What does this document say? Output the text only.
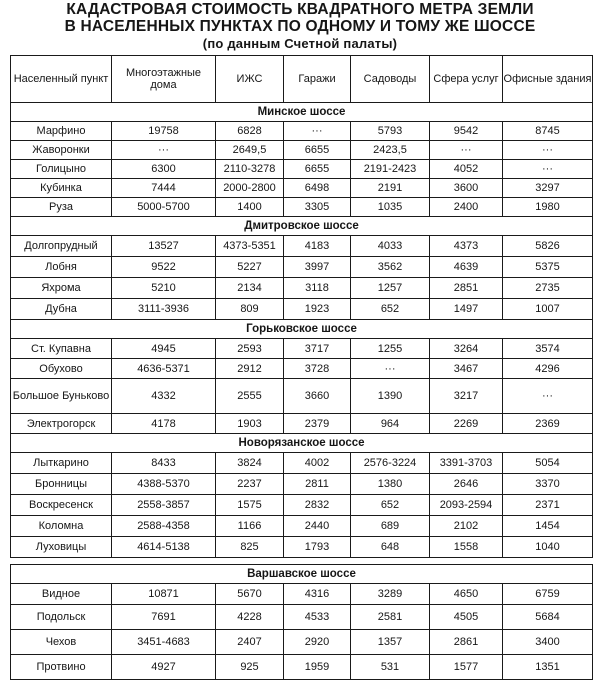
КАДАСТРОВАЯ СТОИМОСТЬ КВАДРАТНОГО МЕТРА ЗЕМЛИ
В НАСЕЛЕННЫХ ПУНКТАХ ПО ОДНОМУ И ТОМУ ЖЕ ШОССЕ
(по данным Счетной палаты)
Населенный пункт	Многоэтажные дома	ИЖС	Гаражи	Садоводы	Сфера услуг	Офисные здания
Минское шоссе						
Марфино	19758	6828	···	5793	9542	8745
Жаворонки	···	2649,5	6655	2423,5	···	···
Голицыно	6300	2110-3278	6655	2191-2423	4052	···
Кубинка	7444	2000-2800	6498	2191	3600	3297
Руза	5000-5700	1400	3305	1035	2400	1980
Дмитровское шоссе						
Долгопрудный	13527	4373-5351	4183	4033	4373	5826
Лобня	9522	5227	3997	3562	4639	5375
Яхрома	5210	2134	3118	1257	2851	2735
Дубна	3111-3936	809	1923	652	1497	1007
Горьковское шоссе						
Ст. Купавна	4945	2593	3717	1255	3264	3574
Обухово	4636-5371	2912	3728	···	3467	4296
Большое Буньково	4332	2555	3660	1390	3217	···
Электрогорск	4178	1903	2379	964	2269	2369
Новорязанское шоссе						
Лыткарино	8433	3824	4002	2576-3224	3391-3703	5054
Бронницы	4388-5370	2237	2811	1380	2646	3370
Воскресенск	2558-3857	1575	2832	652	2093-2594	2371
Коломна	2588-4358	1166	2440	689	2102	1454
Луховицы	4614-5138	825	1793	648	1558	1040

Варшавское шоссе						
Видное	10871	5670	4316	3289	4650	6759
Подольск	7691	4228	4533	2581	4505	5684
Чехов	3451-4683	2407	2920	1357	2861	3400
Протвино	4927	925	1959	531	1577	1351
